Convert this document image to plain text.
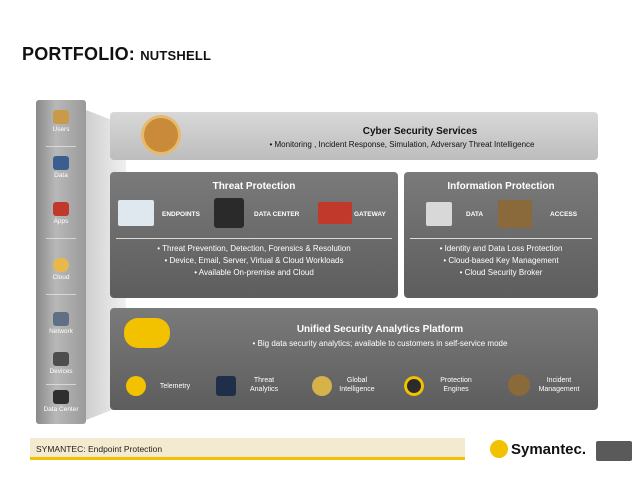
PORTFOLIO: NUTSHELL
Users
Data
Apps
Cloud
Network
Devices
Data Center
Cyber Security Services
• Monitoring , Incident Response, Simulation, Adversary Threat Intelligence
Threat Protection
ENDPOINTS	DATA CENTER	GATEWAY
• Threat Prevention, Detection, Forensics & Resolution
• Device, Email, Server, Virtual & Cloud Workloads
• Available On-premise and Cloud
Information Protection
DATA	ACCESS
• Identity and Data Loss Protection
• Cloud-based Key Management
• Cloud Security Broker
Unified Security Analytics Platform
• Big data security analytics; available to customers in self-service mode
Telemetry
Threat
Analytics
Global
Intelligence
Protection
Engines
Incident
Management
SYMANTEC: Endpoint Protection	Symantec.
